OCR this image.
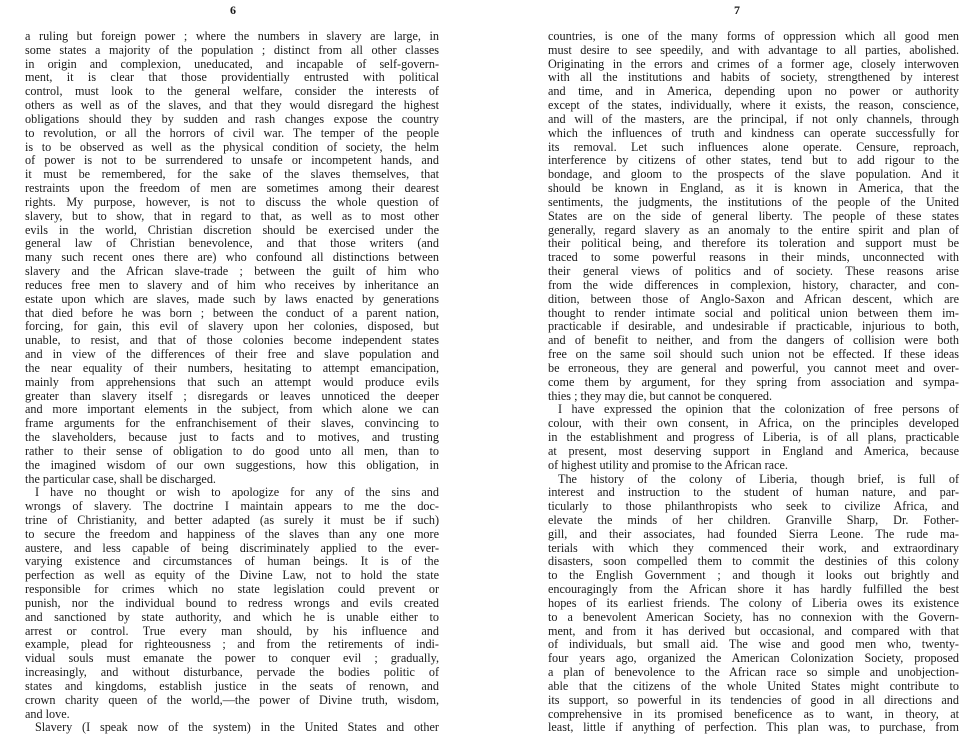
6
a ruling but foreign power ; where the numbers in slavery are large, in
some states a majority of the population ; distinct from all other classes
in origin and complexion, uneducated, and incapable of self-govern-
ment, it is clear that those providentially entrusted with political
control, must look to the general welfare, consider the interests of
others as well as of the slaves, and that they would disregard the highest
obligations should they by sudden and rash changes expose the country
to revolution, or all the horrors of civil war. The temper of the people
is to be observed as well as the physical condition of society, the helm
of power is not to be surrendered to unsafe or incompetent hands, and
it must be remembered, for the sake of the slaves themselves, that
restraints upon the freedom of men are sometimes among their dearest
rights. My purpose, however, is not to discuss the whole question of
slavery, but to show, that in regard to that, as well as to most other
evils in the world, Christian discretion should be exercised under the
general law of Christian benevolence, and that those writers (and
many such recent ones there are) who confound all distinctions between
slavery and the African slave-trade ; between the guilt of him who
reduces free men to slavery and of him who receives by inheritance an
estate upon which are slaves, made such by laws enacted by generations
that died before he was born ; between the conduct of a parent nation,
forcing, for gain, this evil of slavery upon her colonies, disposed, but
unable, to resist, and that of those colonies become independent states
and in view of the differences of their free and slave population and
the near equality of their numbers, hesitating to attempt emancipation,
mainly from apprehensions that such an attempt would produce evils
greater than slavery itself ; disregards or leaves unnoticed the deeper
and more important elements in the subject, from which alone we can
frame arguments for the enfranchisement of their slaves, convincing to
the slaveholders, because just to facts and to motives, and trusting
rather to their sense of obligation to do good unto all men, than to
the imagined wisdom of our own suggestions, how this obligation, in
the particular case, shall be discharged.
I have no thought or wish to apologize for any of the sins and
wrongs of slavery. The doctrine I maintain appears to me the doc-
trine of Christianity, and better adapted (as surely it must be if such)
to secure the freedom and happiness of the slaves than any one more
austere, and less capable of being discriminately applied to the ever-
varying existence and circumstances of human beings. It is of the
perfection as well as equity of the Divine Law, not to hold the state
responsible for crimes which no state legislation could prevent or
punish, nor the individual bound to redress wrongs and evils created
and sanctioned by state authority, and which he is unable either to
arrest or control. True every man should, by his influence and
example, plead for righteousness ; and from the retirements of indi-
vidual souls must emanate the power to conquer evil ; gradually,
increasingly, and without disturbance, pervade the bodies politic of
states and kingdoms, establish justice in the seats of renown, and
crown charity queen of the world,—the power of Divine truth, wisdom,
and love.
Slavery (I speak now of the system) in the United States and other
7
countries, is one of the many forms of oppression which all good men
must desire to see speedily, and with advantage to all parties, abolished.
Originating in the errors and crimes of a former age, closely interwoven
with all the institutions and habits of society, strengthened by interest
and time, and in America, depending upon no power or authority
except of the states, individually, where it exists, the reason, conscience,
and will of the masters, are the principal, if not only channels, through
which the influences of truth and kindness can operate successfully for
its removal. Let such influences alone operate. Censure, reproach,
interference by citizens of other states, tend but to add rigour to the
bondage, and gloom to the prospects of the slave population. And it
should be known in England, as it is known in America, that the
sentiments, the judgments, the institutions of the people of the United
States are on the side of general liberty. The people of these states
generally, regard slavery as an anomaly to the entire spirit and plan of
their political being, and therefore its toleration and support must be
traced to some powerful reasons in their minds, unconnected with
their general views of politics and of society. These reasons arise
from the wide differences in complexion, history, character, and con-
dition, between those of Anglo-Saxon and African descent, which are
thought to render intimate social and political union between them im-
practicable if desirable, and undesirable if practicable, injurious to both,
and of benefit to neither, and from the dangers of collision were both
free on the same soil should such union not be effected. If these ideas
be erroneous, they are general and powerful, you cannot meet and over-
come them by argument, for they spring from association and sympa-
thies ; they may die, but cannot be conquered.
I have expressed the opinion that the colonization of free persons of
colour, with their own consent, in Africa, on the principles developed
in the establishment and progress of Liberia, is of all plans, practicable
at present, most deserving support in England and America, because
of highest utility and promise to the African race.
The history of the colony of Liberia, though brief, is full of
interest and instruction to the student of human nature, and par-
ticularly to those philanthropists who seek to civilize Africa, and
elevate the minds of her children. Granville Sharp, Dr. Fother-
gill, and their associates, had founded Sierra Leone. The rude ma-
terials with which they commenced their work, and extraordinary
disasters, soon compelled them to commit the destinies of this colony
to the English Government ; and though it looks out brightly and
encouragingly from the African shore it has hardly fulfilled the best
hopes of its earliest friends. The colony of Liberia owes its existence
to a benevolent American Society, has no connexion with the Govern-
ment, and from it has derived but occasional, and compared with that
of individuals, but small aid. The wise and good men who, twenty-
four years ago, organized the American Colonization Society, proposed
a plan of benevolence to the African race so simple and unobjection-
able that the citizens of the whole United States might contribute to
its support, so powerful in its tendencies of good in all directions and
comprehensive in its promised beneficence as to want, in theory, at
least, little if anything of perfection. This plan was, to purchase, from
